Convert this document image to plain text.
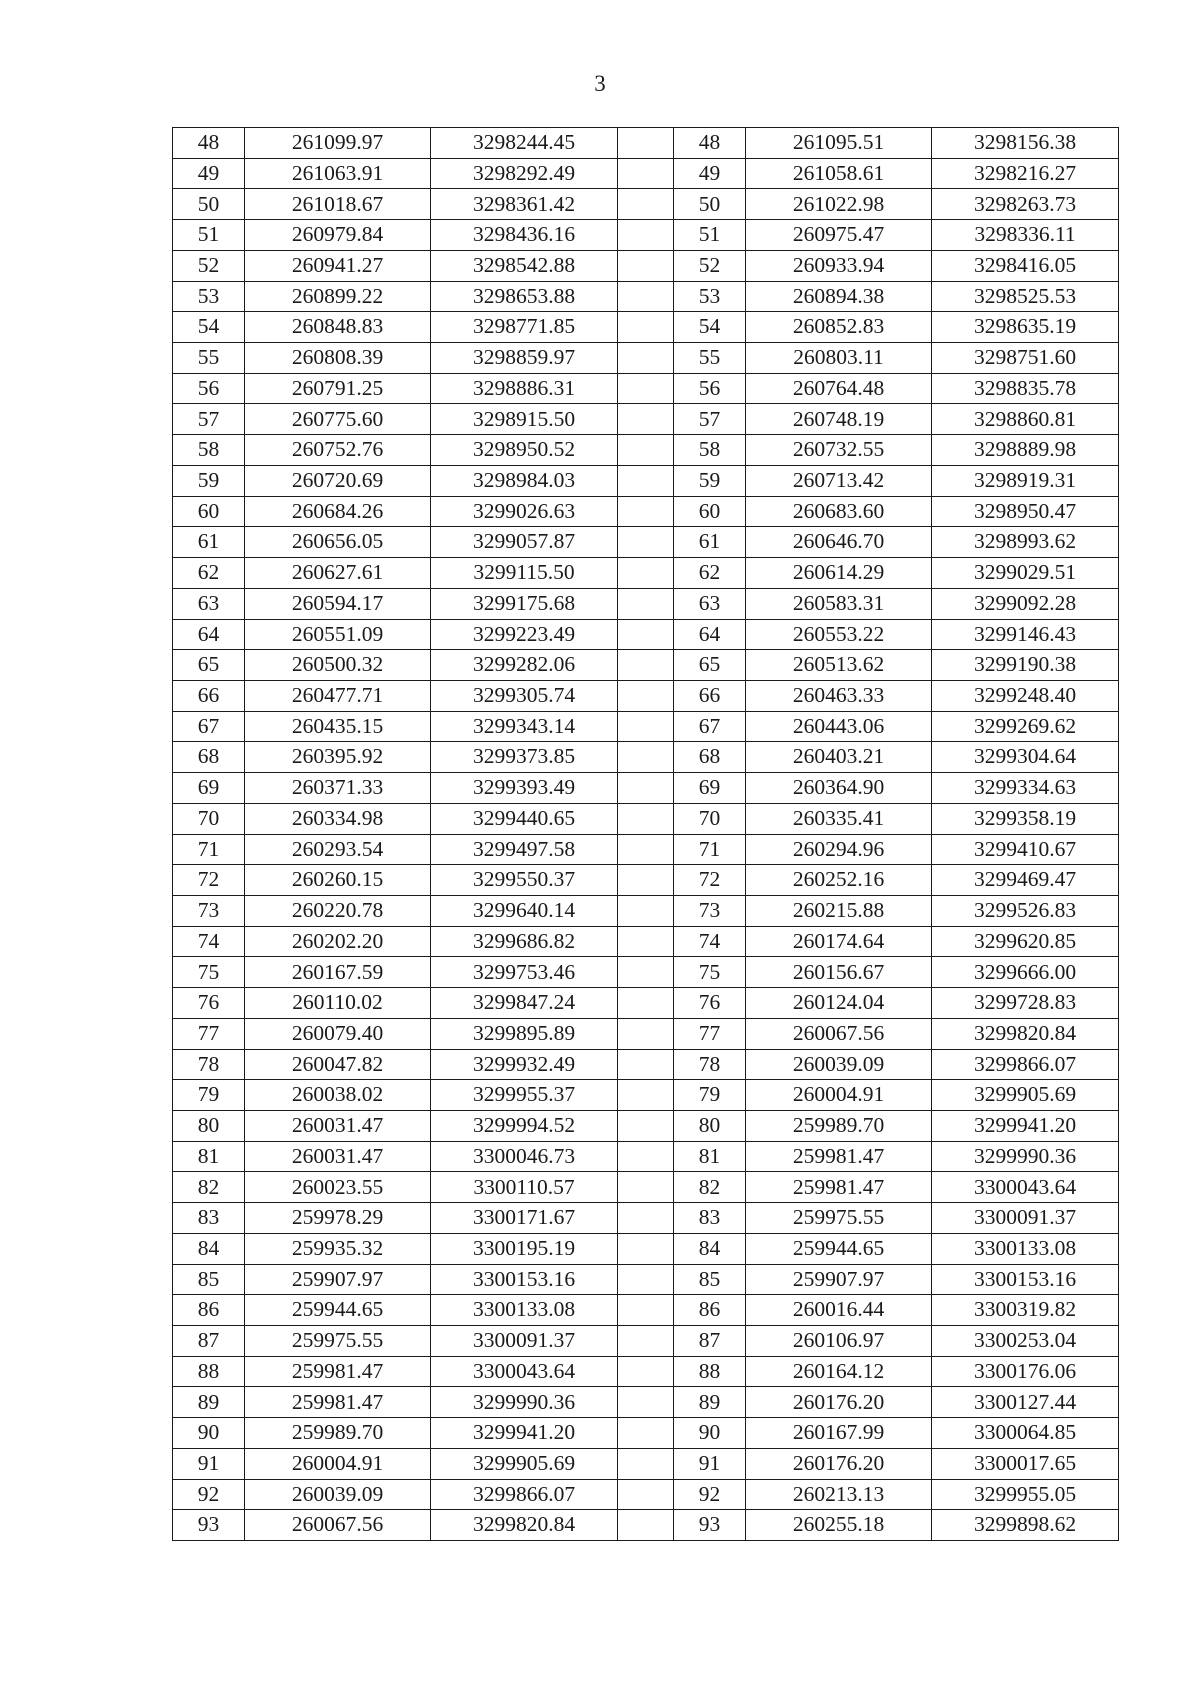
3
48	261099.97	3298244.45		48	261095.51	3298156.38
49	261063.91	3298292.49		49	261058.61	3298216.27
50	261018.67	3298361.42		50	261022.98	3298263.73
51	260979.84	3298436.16		51	260975.47	3298336.11
52	260941.27	3298542.88		52	260933.94	3298416.05
53	260899.22	3298653.88		53	260894.38	3298525.53
54	260848.83	3298771.85		54	260852.83	3298635.19
55	260808.39	3298859.97		55	260803.11	3298751.60
56	260791.25	3298886.31		56	260764.48	3298835.78
57	260775.60	3298915.50		57	260748.19	3298860.81
58	260752.76	3298950.52		58	260732.55	3298889.98
59	260720.69	3298984.03		59	260713.42	3298919.31
60	260684.26	3299026.63		60	260683.60	3298950.47
61	260656.05	3299057.87		61	260646.70	3298993.62
62	260627.61	3299115.50		62	260614.29	3299029.51
63	260594.17	3299175.68		63	260583.31	3299092.28
64	260551.09	3299223.49		64	260553.22	3299146.43
65	260500.32	3299282.06		65	260513.62	3299190.38
66	260477.71	3299305.74		66	260463.33	3299248.40
67	260435.15	3299343.14		67	260443.06	3299269.62
68	260395.92	3299373.85		68	260403.21	3299304.64
69	260371.33	3299393.49		69	260364.90	3299334.63
70	260334.98	3299440.65		70	260335.41	3299358.19
71	260293.54	3299497.58		71	260294.96	3299410.67
72	260260.15	3299550.37		72	260252.16	3299469.47
73	260220.78	3299640.14		73	260215.88	3299526.83
74	260202.20	3299686.82		74	260174.64	3299620.85
75	260167.59	3299753.46		75	260156.67	3299666.00
76	260110.02	3299847.24		76	260124.04	3299728.83
77	260079.40	3299895.89		77	260067.56	3299820.84
78	260047.82	3299932.49		78	260039.09	3299866.07
79	260038.02	3299955.37		79	260004.91	3299905.69
80	260031.47	3299994.52		80	259989.70	3299941.20
81	260031.47	3300046.73		81	259981.47	3299990.36
82	260023.55	3300110.57		82	259981.47	3300043.64
83	259978.29	3300171.67		83	259975.55	3300091.37
84	259935.32	3300195.19		84	259944.65	3300133.08
85	259907.97	3300153.16		85	259907.97	3300153.16
86	259944.65	3300133.08		86	260016.44	3300319.82
87	259975.55	3300091.37		87	260106.97	3300253.04
88	259981.47	3300043.64		88	260164.12	3300176.06
89	259981.47	3299990.36		89	260176.20	3300127.44
90	259989.70	3299941.20		90	260167.99	3300064.85
91	260004.91	3299905.69		91	260176.20	3300017.65
92	260039.09	3299866.07		92	260213.13	3299955.05
93	260067.56	3299820.84		93	260255.18	3299898.62
